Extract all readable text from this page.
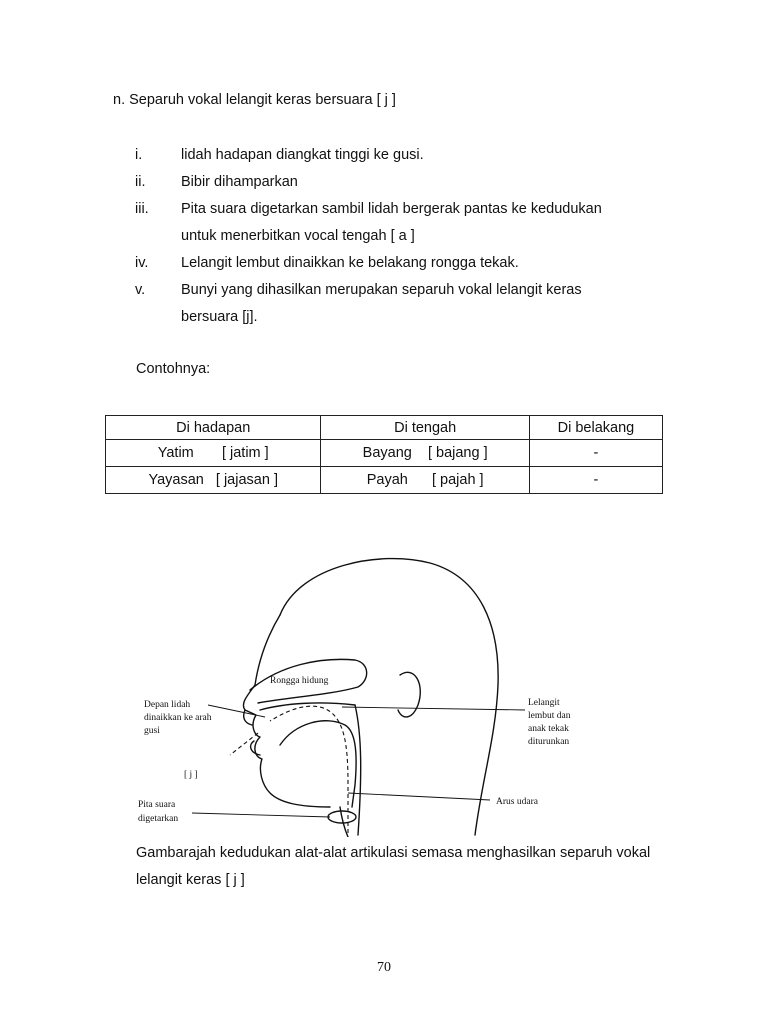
n. Separuh vokal lelangit keras bersuara [ j ]
i.	lidah hadapan diangkat tinggi ke gusi.
ii. Bibir dihamparkan
iii. Pita suara digetarkan sambil lidah bergerak pantas ke kedudukan
untuk menerbitkan vocal tengah [ a ]
iv. Lelangit lembut dinaikkan ke belakang rongga tekak.
v. Bunyi yang dihasilkan merupakan separuh vokal lelangit keras
bersuara [j].
Contohnya:
Di hadapan	Di tengah	Di belakang
Yatim       [ jatim ]	Bayang    [ bajang ]	-
Yayasan   [ jajasan ]	Payah      [ pajah ]	-
Rongga hidung
Depan lidah
dinaikkan ke arah
gusi
[ j ]
Pita suara
digetarkan
Lelangit
lembut dan
anak tekak
diturunkan
Arus udara
Gambarajah kedudukan alat-alat artikulasi semasa menghasilkan separuh vokal lelangit keras [ j ]
70
